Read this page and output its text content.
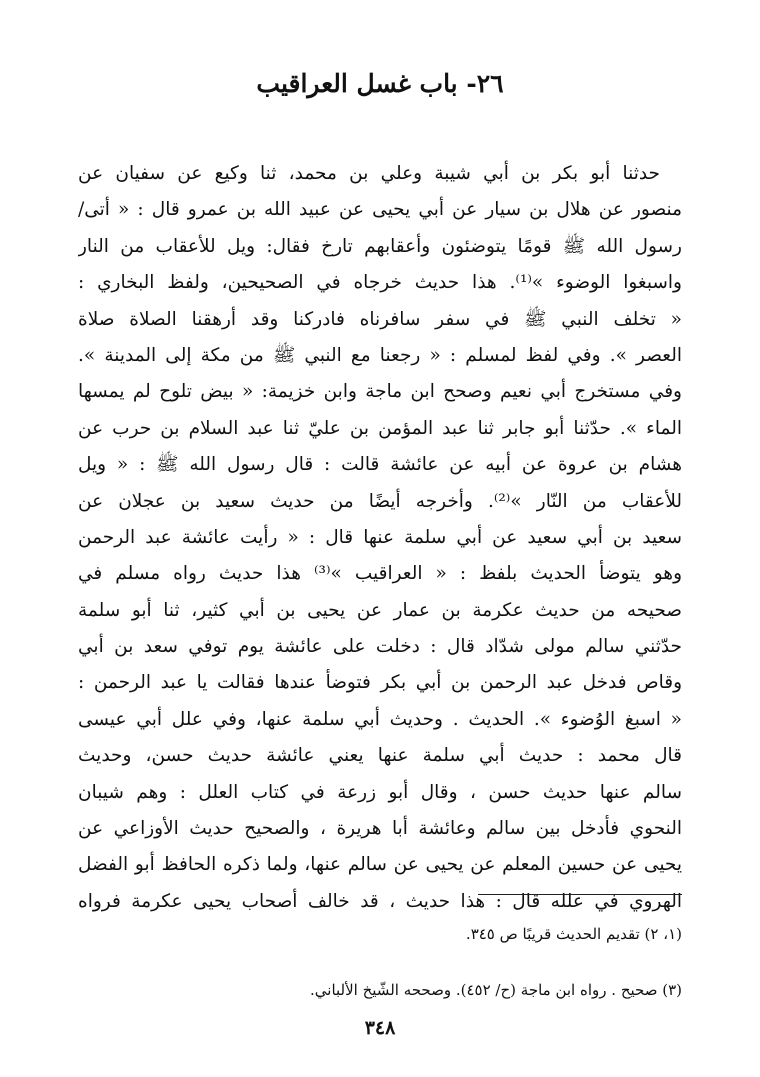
٢٦- باب غسل العراقيب
حدثنا أبو بكر بن أبي شيبة وعلي بن محمد، ثنا وكيع عن سفيان عن
منصور عن هلال بن سيار عن أبي يحيى عن عبيد الله بن عمرو قال : « أتى/
رسول الله ﷺ قومًا يتوضئون وأعقابهم تارخ فقال: ويل للأعقاب من النار
واسبغوا الوضوء »⁽¹⁾. هذا حديث خرجاه في الصحيحين، ولفظ البخاري :
« تخلف النبي ﷺ في سفر سافرناه فادركنا وقد أرهقنا الصلاة صلاة
العصر ». وفي لفظ لمسلم : « رجعنا مع النبي ﷺ من مكة إلى المدينة ».
وفي مستخرج أبي نعيم وصحح ابن ماجة وابن خزيمة: « بيض تلوح لم يمسها
الماء ». حدّثنا أبو جابر ثنا عبد المؤمن بن عليّ ثنا عبد السلام بن حرب عن
هشام بن عروة عن أبيه عن عائشة قالت : قال رسول الله ﷺ : « ويل
للأعقاب من النّار »⁽²⁾. وأخرجه أيضًا من حديث سعيد بن عجلان عن
سعيد بن أبي سعيد عن أبي سلمة عنها قال : « رأيت عائشة عبد الرحمن
وهو يتوضأ الحديث بلفظ : « العراقيب »⁽³⁾ هذا حديث رواه مسلم في
صحيحه من حديث عكرمة بن عمار عن يحيى بن أبي كثير، ثنا أبو سلمة
حدّثني سالم مولى شدّاد قال : دخلت على عائشة يوم توفي سعد بن أبي
وقاص فدخل عبد الرحمن بن أبي بكر فتوضأ عندها فقالت يا عبد الرحمن :
« اسبغ الوُضوء ». الحديث . وحديث أبي سلمة عنها، وفي علل أبي عيسى
قال محمد : حديث أبي سلمة عنها يعني عائشة حديث حسن، وحديث
سالم عنها حديث حسن ، وقال أبو زرعة في كتاب العلل : وهم شيبان
النحوي فأدخل بين سالم وعائشة أبا هريرة ، والصحيح حديث الأوزاعي عن
يحيى عن حسين المعلم عن يحيى عن سالم عنها، ولما ذكره الحافظ أبو الفضل
الهروي في علله قال : هذا حديث ، قد خالف أصحاب يحيى عكرمة فرواه
(١، ٢) تقديم الحديث قريبًا ص ٣٤٥.
(٣) صحيح . رواه ابن ماجة (ح/ ٤٥٢). وصححه الشّيخ الألباني.
٣٤٨
